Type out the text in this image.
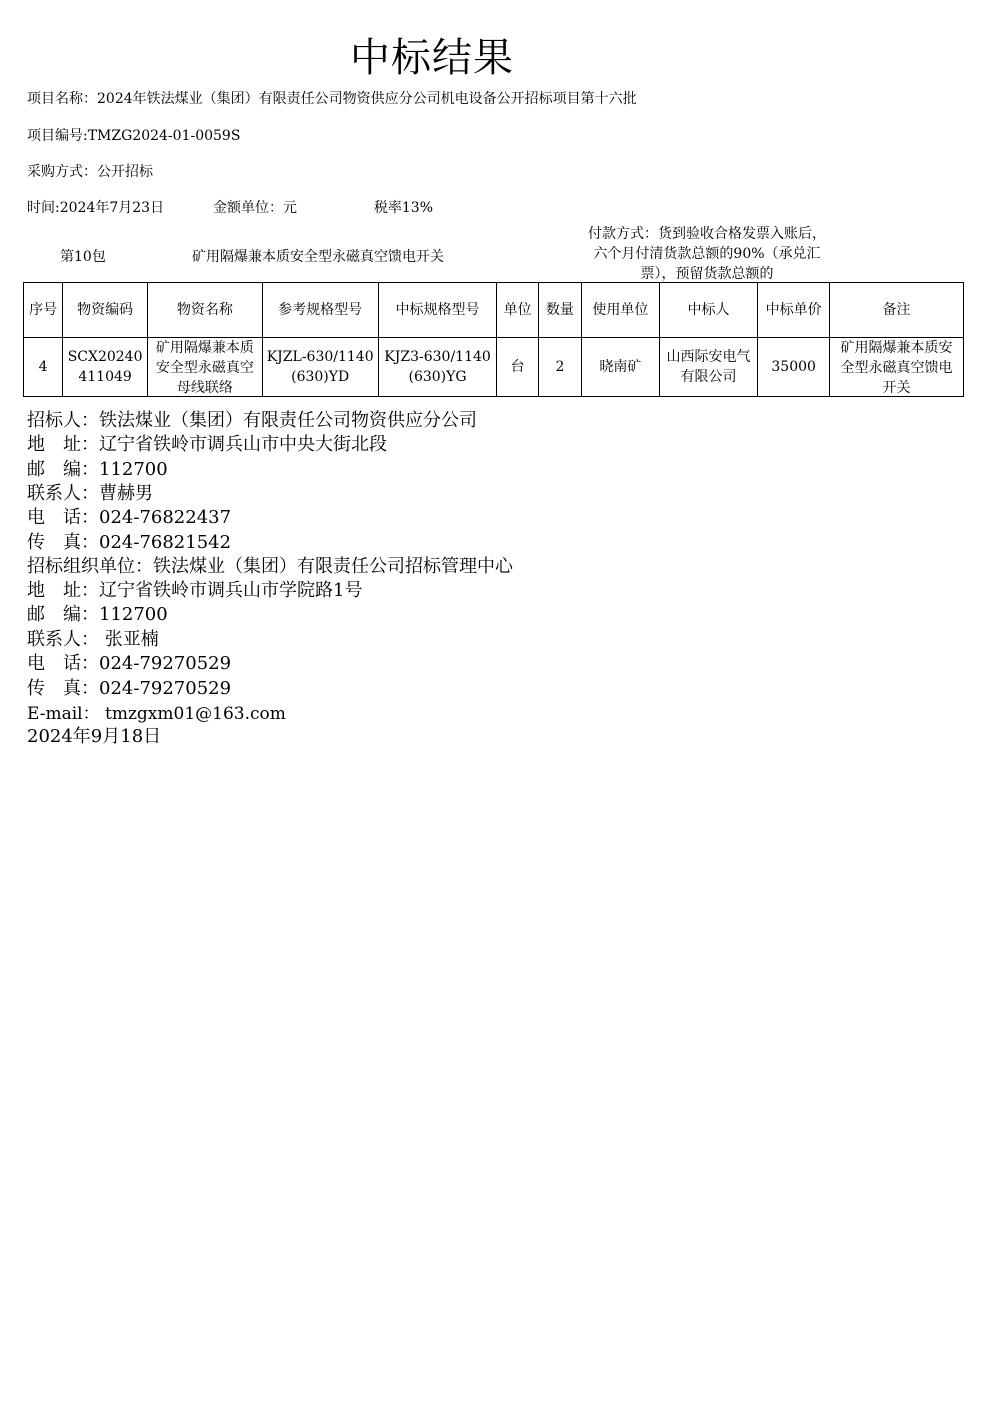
中标结果
项目名称：2024年铁法煤业（集团）有限责任公司物资供应分公司机电设备公开招标项目第十六批
项目编号:TMZG2024-01-0059S
采购方式：公开招标
时间:2024年7月23日	金额单位：元	税率13%
第10包	矿用隔爆兼本质安全型永磁真空馈电开关
付款方式：货到验收合格发票入账后，六个月付清货款总额的90%（承兑汇票），预留货款总额的
序号	物资编码	物资名称	参考规格型号	中标规格型号	单位	数量	使用单位	中标人	中标单价	备注
4	SCX20240411049	矿用隔爆兼本质安全型永磁真空母线联络	KJZL-630/1140(630)YD	KJZ3-630/1140(630)YG	台	2	晓南矿	山西际安电气有限公司	35000	矿用隔爆兼本质安全型永磁真空馈电开关
招标人：铁法煤业（集团）有限责任公司物资供应分公司
地　址：辽宁省铁岭市调兵山市中央大街北段
邮　编：112700
联系人：曹赫男
电　话：024-76822437
传　真：024-76821542
招标组织单位：铁法煤业（集团）有限责任公司招标管理中心
地　址：辽宁省铁岭市调兵山市学院路1号
邮　编：112700
联系人： 张亚楠
电　话：024-79270529
传　真：024-79270529
E-mail： tmzgxm01@163.com
2024年9月18日
